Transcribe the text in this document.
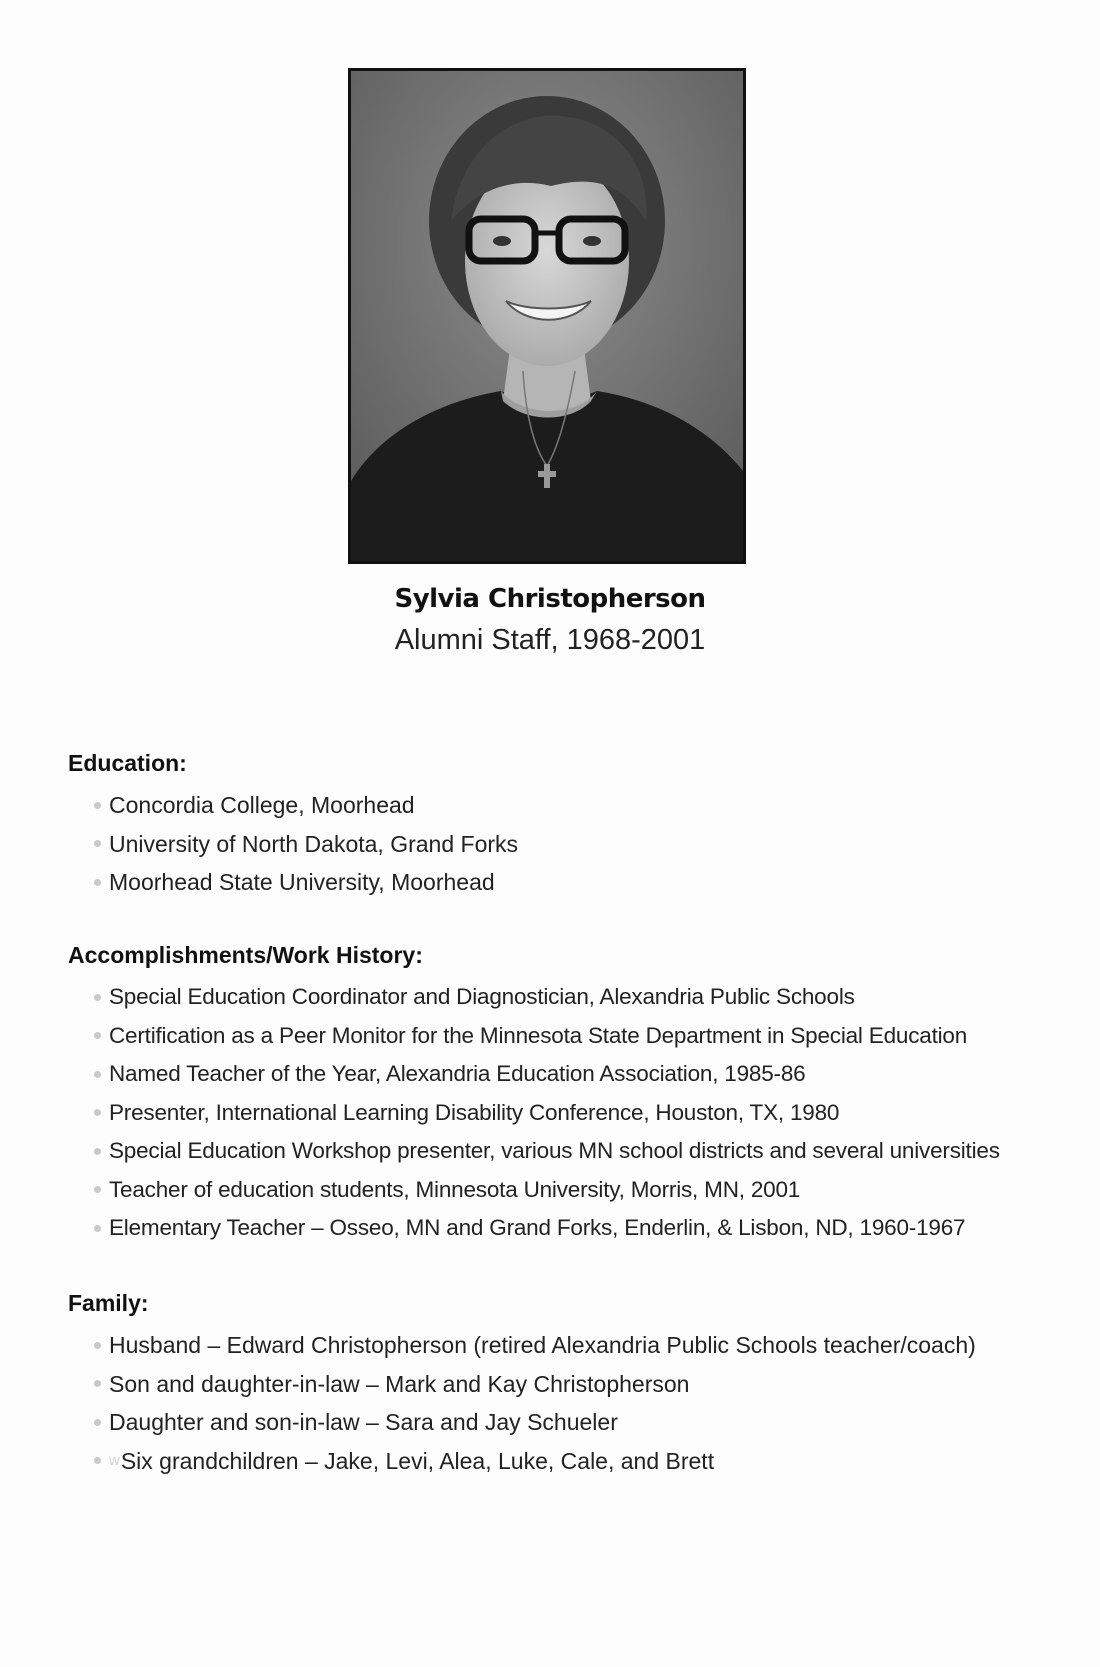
Sylvia Christopherson
Alumni Staff, 1968-2001
Education:
Concordia College, Moorhead
University of North Dakota, Grand Forks
Moorhead State University, Moorhead
Accomplishments/Work History:
Special Education Coordinator and Diagnostician, Alexandria Public Schools
Certification as a Peer Monitor for the Minnesota State Department in Special Education
Named Teacher of the Year, Alexandria Education Association, 1985-86
Presenter, International Learning Disability Conference, Houston, TX, 1980
Special Education Workshop presenter, various MN school districts and several universities
Teacher of education students, Minnesota University, Morris, MN, 2001
Elementary Teacher – Osseo, MN and Grand Forks, Enderlin, & Lisbon, ND, 1960-1967
Family:
Husband – Edward Christopherson (retired Alexandria Public Schools teacher/coach)
Son and daughter-in-law – Mark and Kay Christopherson
Daughter and son-in-law – Sara and Jay Schueler
w Six grandchildren – Jake, Levi, Alea, Luke, Cale, and Brett
